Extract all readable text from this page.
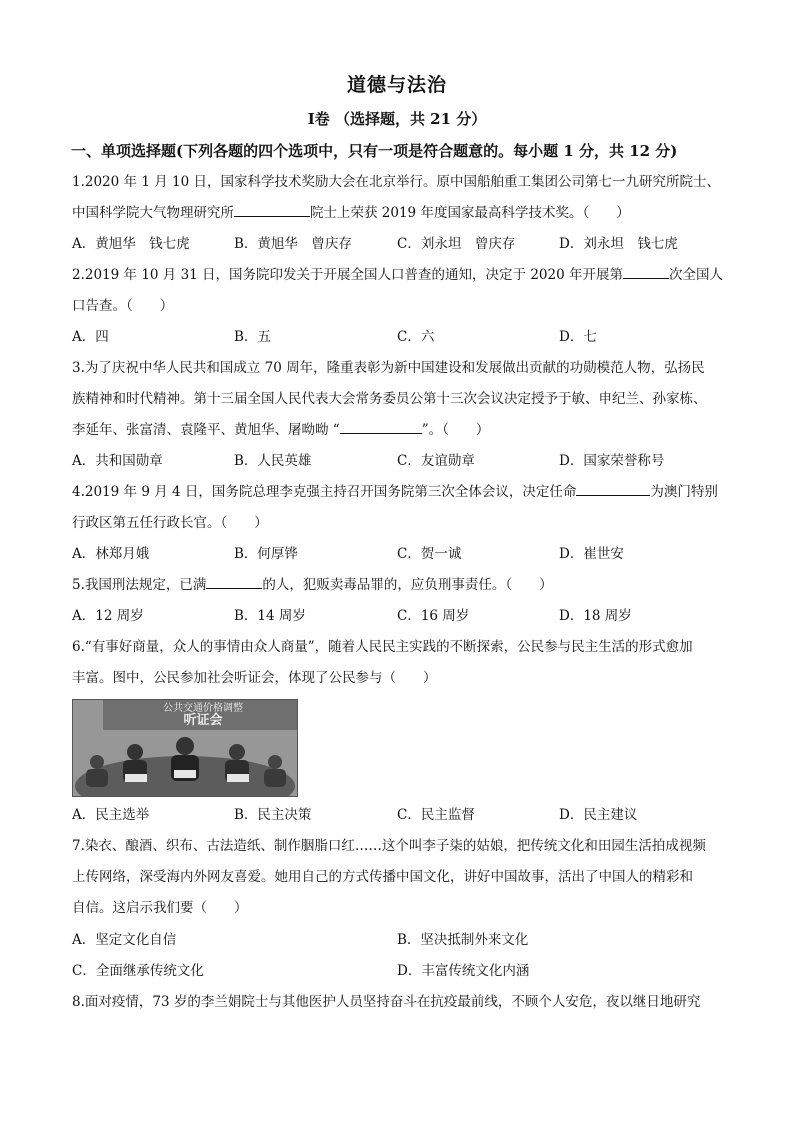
道德与法治
Ⅰ卷 （选择题，共 21 分）
一、单项选择题(下列各题的四个选项中，只有一项是符合题意的。每小题 1 分，共 12 分)
1.2020 年 1 月 10 日，国家科学技术奖励大会在北京举行。原中国船舶重工集团公司第七一九研究所院士、
中国科学院大气物理研究所	院士上荣获 2019 年度国家最高科学技术奖。（　　）
A．黄旭华　钱七虎	B．黄旭华　曾庆存	C．刘永坦　曾庆存	D．刘永坦　钱七虎
2.2019 年 10 月 31 日，国务院印发关于开展全国人口普查的通知，决定于 2020 年开展第	次全国人
口告查。（　　）
A．四	B．五	C．六	D．七
3.为了庆祝中华人民共和国成立 70 周年，隆重表彰为新中国建设和发展做出贡献的功勋模范人物，弘扬民
族精神和时代精神。第十三届全国人民代表大会常务委员公第十三次会议决定授予于敏、申纪兰、孙家栋、
李延年、张富清、袁隆平、黄旭华、屠呦呦 “	”。（　　）
A．共和国勋章	B．人民英雄	C．友谊勋章	D．国家荣誉称号
4.2019 年 9 月 4 日，国务院总理李克强主持召开国务院第三次全体会议，决定任命	为澳门特别
行政区第五任行政长官。（　　）
A．林郑月娥	B．何厚铧	C．贺一诚	D．崔世安
5.我国刑法规定，已满	的人，犯贩卖毒品罪的，应负刑事责任。（　　）
A．12 周岁	B．14 周岁	C．16 周岁	D．18 周岁
6.“有事好商量，众人的事情由众人商量”，随着人民民主实践的不断探索，公民参与民主生活的形式愈加
丰富。图中，公民参加社会听证会，体现了公民参与（　　）
公共交通价格调整
听证会
A．民主选举	B．民主决策	C．民主监督	D．民主建议
7.染衣、酿酒、织布、古法造纸、制作胭脂口红……这个叫李子柒的姑娘，把传统文化和田园生活拍成视频
上传网络，深受海内外网友喜爱。她用自己的方式传播中国文化，讲好中国故事，活出了中国人的精彩和
自信。这启示我们要（　　）
A．坚定文化自信	B．坚决抵制外来文化
C．全面继承传统文化	D．丰富传统文化内涵
8.面对疫情，73 岁的李兰娟院士与其他医护人员坚持奋斗在抗疫最前线，不顾个人安危，夜以继日地研究
